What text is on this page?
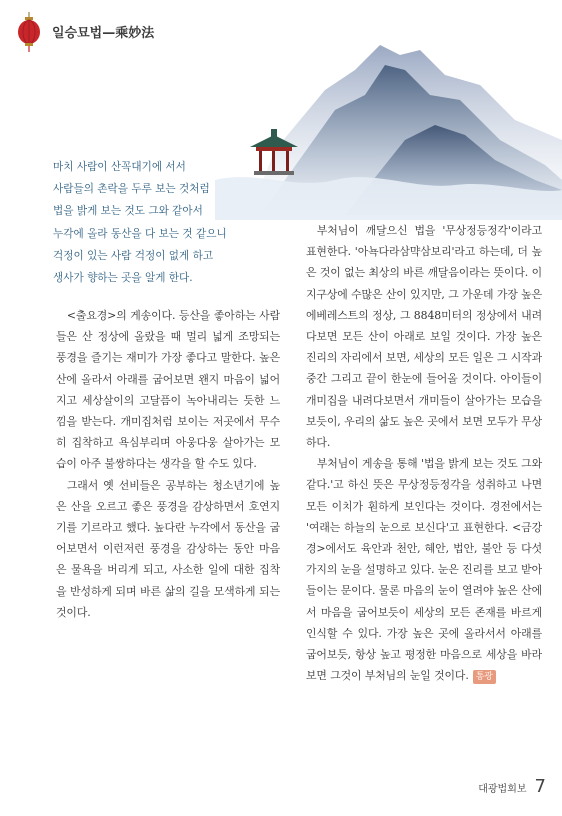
일승묘법—乘妙法
마치 사람이 산꼭대기에 서서
사람들의 촌락을 두루 보는 것처럼
법을 밝게 보는 것도 그와 같아서
누각에 올라 동산을 다 보는 것 같으니
걱정이 있는 사람 걱정이 없게 하고
생사가 향하는 곳을 알게 한다.

<출요경>의 게송이다. 등산을 좋아하는 사람들은 산 정상에 올랐을 때 멀리 넓게 조망되는 풍경을 즐기는 재미가 가장 좋다고 말한다. 높은 산에 올라서 아래를 굽어보면 왠지 마음이 넓어지고 세상살이의 고달픔이 녹아내리는 듯한 느낌을 받는다. 개미집처럼 보이는 저곳에서 무수히 집착하고 욕심부리며 아웅다웅 살아가는 모습이 아주 불쌍하다는 생각을 할 수도 있다.

그래서 옛 선비들은 공부하는 청소년기에 높은 산을 오르고 좋은 풍경을 감상하면서 호연지기를 기르라고 했다. 높다란 누각에서 동산을 굽어보면서 이런저런 풍경을 감상하는 동안 마음은 물욕을 버리게 되고, 사소한 일에 대한 집착을 반성하게 되며 바른 삶의 길을 모색하게 되는 것이다.

부처님이 깨달으신 법을 '무상정등정각'이라고 표현한다. '아뇩다라삼먁삼보리'라고 하는데, 더 높은 것이 없는 최상의 바른 깨달음이라는 뜻이다. 이 지구상에 수많은 산이 있지만, 그 가운데 가장 높은 에베레스트의 정상, 그 8848미터의 정상에서 내려다보면 모든 산이 아래로 보일 것이다. 가장 높은 진리의 자리에서 보면, 세상의 모든 일은 그 시작과 중간 그리고 끝이 한눈에 들어올 것이다. 아이들이 개미집을 내려다보면서 개미들이 살아가는 모습을 보듯이, 우리의 삶도 높은 곳에서 보면 모두가 무상하다.

부처님이 게송을 통해 '법을 밝게 보는 것도 그와 같다.'고 하신 뜻은 무상정등정각을 성취하고 나면 모든 이치가 훤하게 보인다는 것이다. 경전에서는 '여래는 하늘의 눈으로 보신다'고 표현한다. <금강경>에서도 육안과 천안, 혜안, 법안, 불안 등 다섯 가지의 눈을 설명하고 있다. 눈은 진리를 보고 받아들이는 문이다. 물론 마음의 눈이 열려야 높은 산에서 마음을 굽어보듯이 세상의 모든 존재를 바르게 인식할 수 있다. 가장 높은 곳에 올라서서 아래를 굽어보듯, 항상 높고 평정한 마음으로 세상을 바라보면 그것이 부처님의 눈일 것이다. 통광

대광법회보 7
